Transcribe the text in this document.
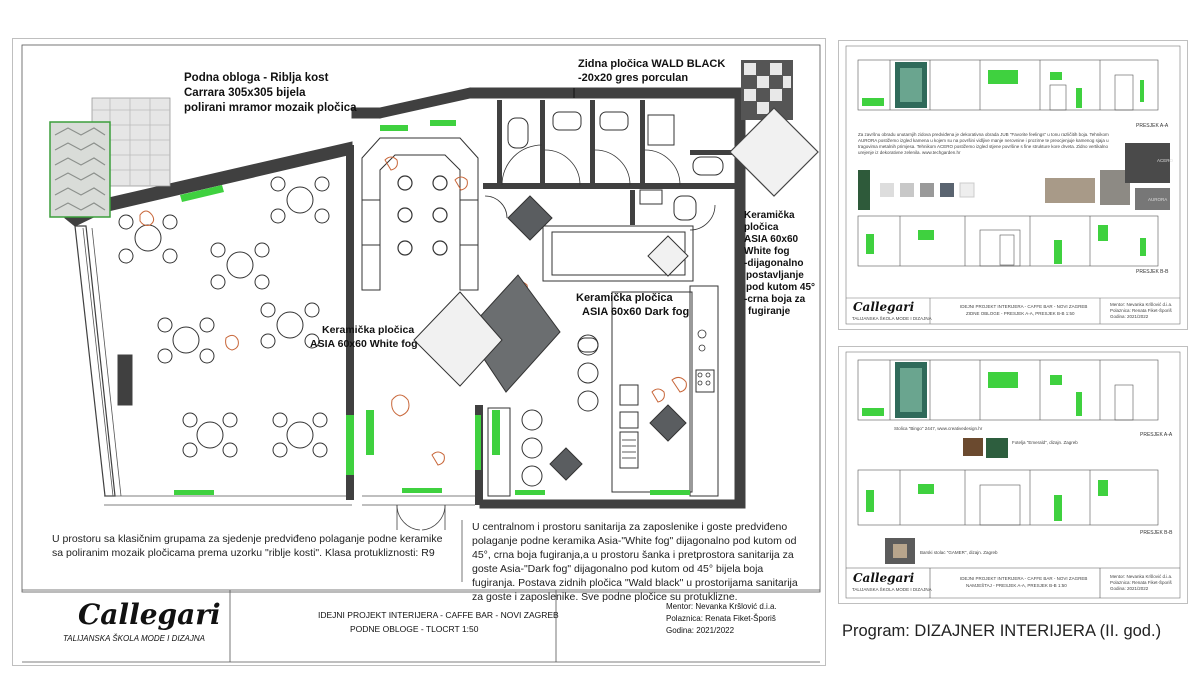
Podna obloga - Riblja kost
Carrara 305x305 bijela
polirani mramor mozaik pločica
Zidna pločica WALD BLACK
-20x20 gres porculan
Keramička
pločica
ASIA 60x60
White fog
-dijagonalno
postavljanje
pod kutom 45°
-crna boja za
fugiranje
Keramička pločica
ASIA 60x60 Dark fog
Keramička pločica
ASIA 60x60 White fog
U prostoru sa klasičnim grupama za sjedenje predviđeno polaganje podne keramike sa poliranim mozaik pločicama prema uzorku "riblje kosti". Klasa protukliznosti: R9
U centralnom i prostoru sanitarija za zaposlenike i goste predviđeno polaganje podne keramika Asia-"White fog" dijagonalno pod kutom od 45°, crna boja fugiranja,a u prostoru šanka i pretprostora sanitarija za goste Asia-"Dark fog" dijagonalno pod kutom od 45° bijela boja fugiranja. Postava zidnih pločica "Wald black" u prostorijama sanitarija za goste i zaposlenike. Sve podne pločice su protuklizne.
Callegari
TALIJANSKA ŠKOLA MODE I DIZAJNA
IDEJNI PROJEKT INTERIJERA - CAFFE BAR - NOVI ZAGREB
PODNE OBLOGE - TLOCRT 1:50
Mentor: Nevanka Kršlović d.i.a.
Polaznica: Renata Fiket-Šporiš
Godina: 2021/2022
PRESJEK A-A
PRESJEK B-B
Za završnu obradu unutarnjih zidova predviđena je dekorativna obrada JUB "Favorite feelings" u tonu različitih boja. Tehnikom AURORA postižemo izgled kamena u kojem su na površini vidljive manje nerovnine i prozirne te preocjenjuje kamenog sjaja u tragovima metalnih primjesa. Tehnikom ACERO postižemo izgled stjene površine s fine strukture kore drveta. Zidno vertikalno urejenje iz dekorativne zelenila. www.techgarden.hr
ACERO
AURORA
Callegari
TALIJANSKA ŠKOLA MODE I DIZAJNA
IDEJNI PROJEKT INTERIJERA - CAFFE BAR - NOVI ZAGREB
ZIDNE OBLOGE - PRESJEK A-A, PRESJEK B-B 1:50
Mentor: Nevanka Kršlović d.i.a.
Polaznica: Renata Fiket-Šporiš
Godina: 2021/2022
PRESJEK A-A
PRESJEK B-B
Stolica "Bingo" 2447, www.creativedesign.hr
Fotelja "Emerald", dizajn. Zagreb
Barski stolac "GAMER", dizajn. Zagreb
Callegari
TALIJANSKA ŠKOLA MODE I DIZAJNA
IDEJNI PROJEKT INTERIJERA - CAFFE BAR - NOVI ZAGREB
NAMJEŠTAJ - PRESJEK A-A, PRESJEK B-B 1:50
Mentor: Nevanka Kršlović d.i.a.
Polaznica: Renata Fiket-Šporiš
Godina: 2021/2022
Program: DIZAJNER INTERIJERA (II. god.)
